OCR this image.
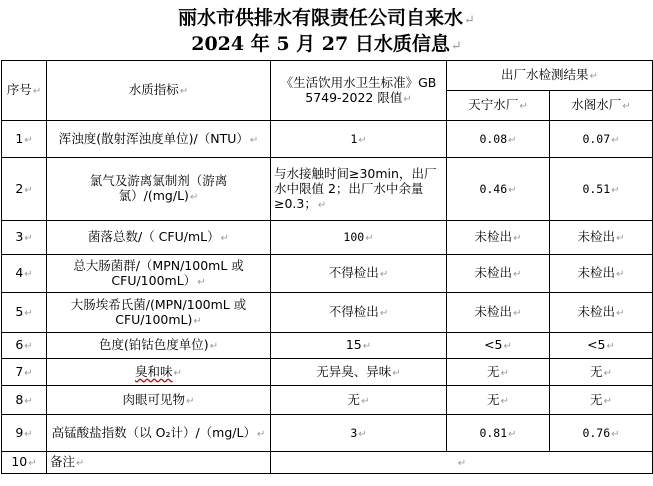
丽水市供排水有限责任公司自来水↵
2024 年 5 月 27 日水质信息↵
序号↵	水质指标↵	《生活饮用水卫生标准》GB 5749-2022 限值↵	出厂水检测结果↵	
			天宁水厂↵	水阁水厂↵
1↵	浑浊度(散射浑浊度单位)/（NTU）↵	1↵	0.08↵	0.07↵
2↵	氯气及游离氯制剂（游离氯）/(mg/L)↵	与水接触时间≥30min，出厂水中限值 2；出厂水中余量≥0.3；↵	0.46↵	0.51↵
3↵	菌落总数/（ CFU/mL）↵	100↵	未检出↵	未检出↵
4↵	总大肠菌群/（MPN/100mL 或 CFU/100mL）↵	不得检出↵	未检出↵	未检出↵
5↵	大肠埃希氏菌/(MPN/100mL 或 CFU/100mL)↵	不得检出↵	未检出↵	未检出↵
6↵	色度(铂钴色度单位)↵	15↵	<5↵	<5↵
7↵	臭和味↵	无异臭、异味↵	无↵	无↵
8↵	肉眼可见物↵	无↵	无↵	无↵
9↵	高锰酸盐指数（以 O₂计）/（mg/L）↵	3↵	0.81↵	0.76↵
10↵	备注↵	↵		
